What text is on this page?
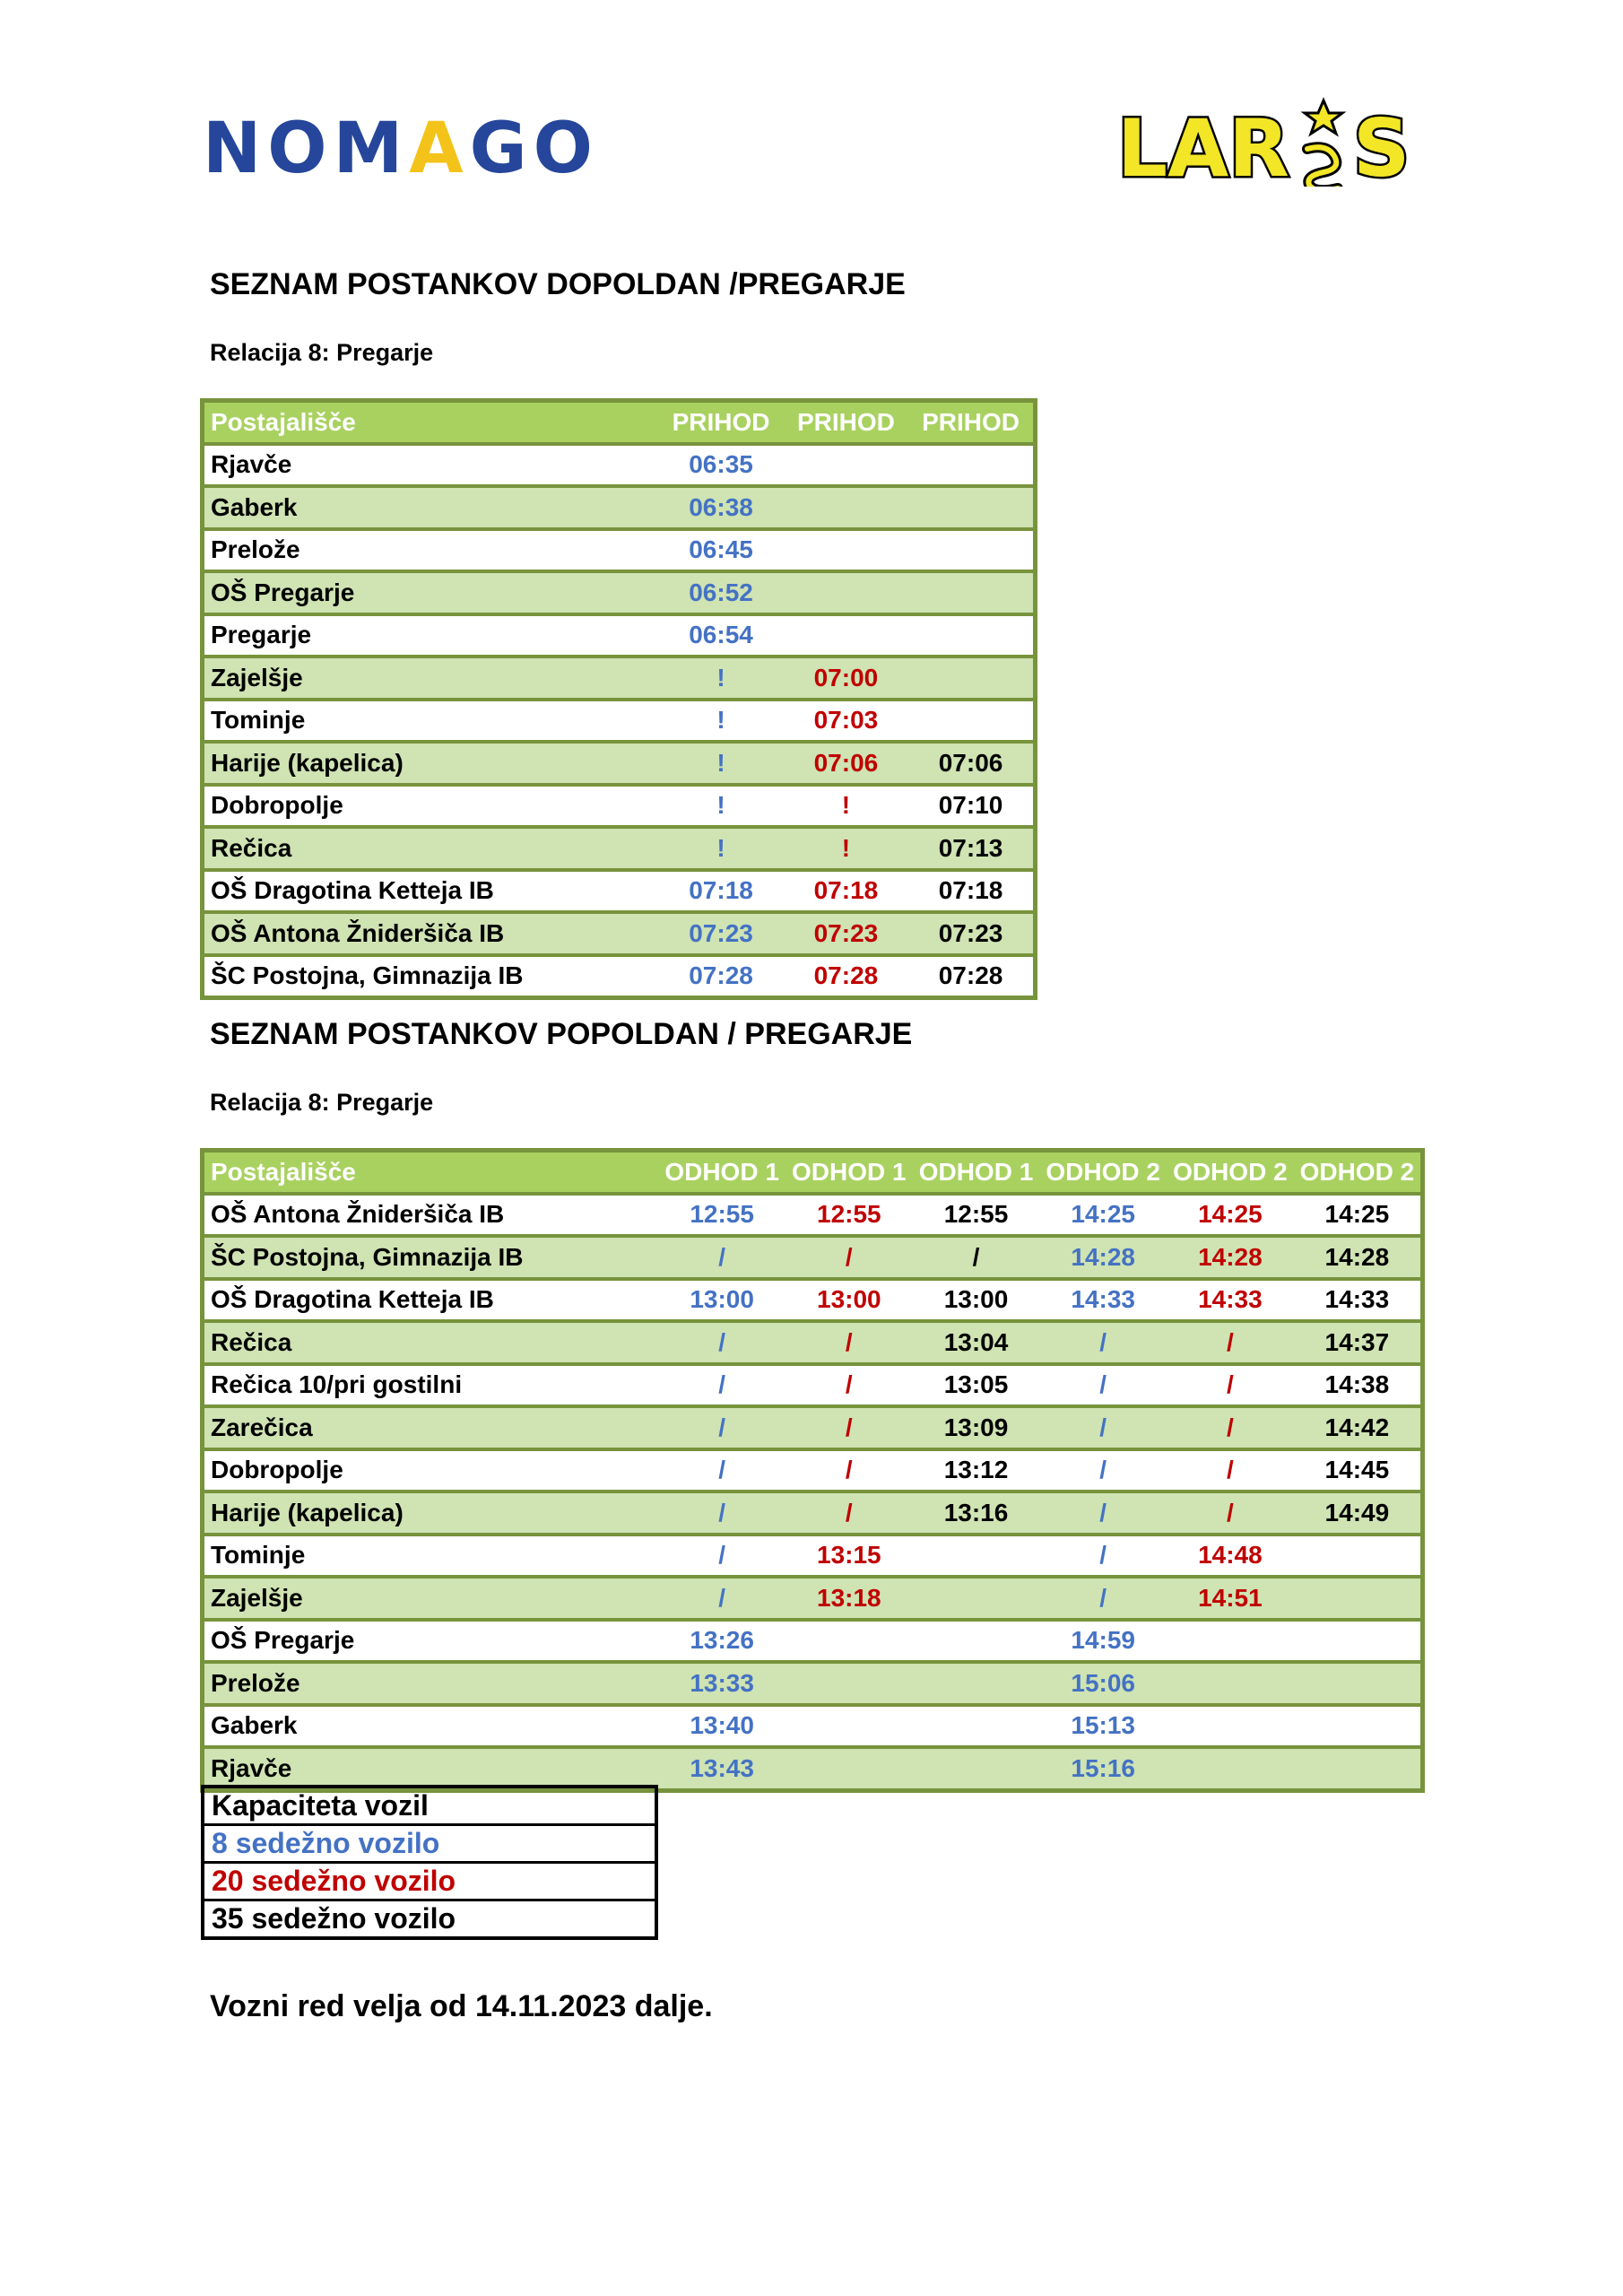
NOMAGO	LAR S
SEZNAM POSTANKOV DOPOLDAN /PREGARJE
Relacija 8: Pregarje
Postajališče	PRIHOD	PRIHOD	PRIHOD
Rjavče	06:35		
Gaberk	06:38		
Preložе	06:45		
OŠ Pregarje	06:52		
Pregarje	06:54		
Zajelšje	!	07:00	
Tominje	!	07:03	
Harije (kapelica)	!	07:06	07:06
Dobropolje	!	!	07:10
Rečica	!	!	07:13
OŠ Dragotina Ketteja IB	07:18	07:18	07:18
OŠ Antona Žnideršiča IB	07:23	07:23	07:23
ŠC Postojna, Gimnazija IB	07:28	07:28	07:28
SEZNAM POSTANKOV POPOLDAN / PREGARJE
Relacija 8: Pregarje
Postajališče	ODHOD 1	ODHOD 1	ODHOD 1	ODHOD 2	ODHOD 2	ODHOD 2
OŠ Antona Žnideršiča IB	12:55	12:55	12:55	14:25	14:25	14:25
ŠC Postojna, Gimnazija IB	/	/	/	14:28	14:28	14:28
OŠ Dragotina Ketteja IB	13:00	13:00	13:00	14:33	14:33	14:33
Rečica	/	/	13:04	/	/	14:37
Rečica 10/pri gostilni	/	/	13:05	/	/	14:38
Zarečica	/	/	13:09	/	/	14:42
Dobropolje	/	/	13:12	/	/	14:45
Harije (kapelica)	/	/	13:16	/	/	14:49
Tominje	/	13:15		/	14:48	
Zajelšje	/	13:18		/	14:51	
OŠ Pregarje	13:26			14:59		
Preložе	13:33			15:06		
Gaberk	13:40			15:13		
Rjavče	13:43			15:16		
Kapaciteta vozil
8 sedežno vozilo
20 sedežno vozilo
35 sedežno vozilo
Vozni red velja od 14.11.2023 dalje.
